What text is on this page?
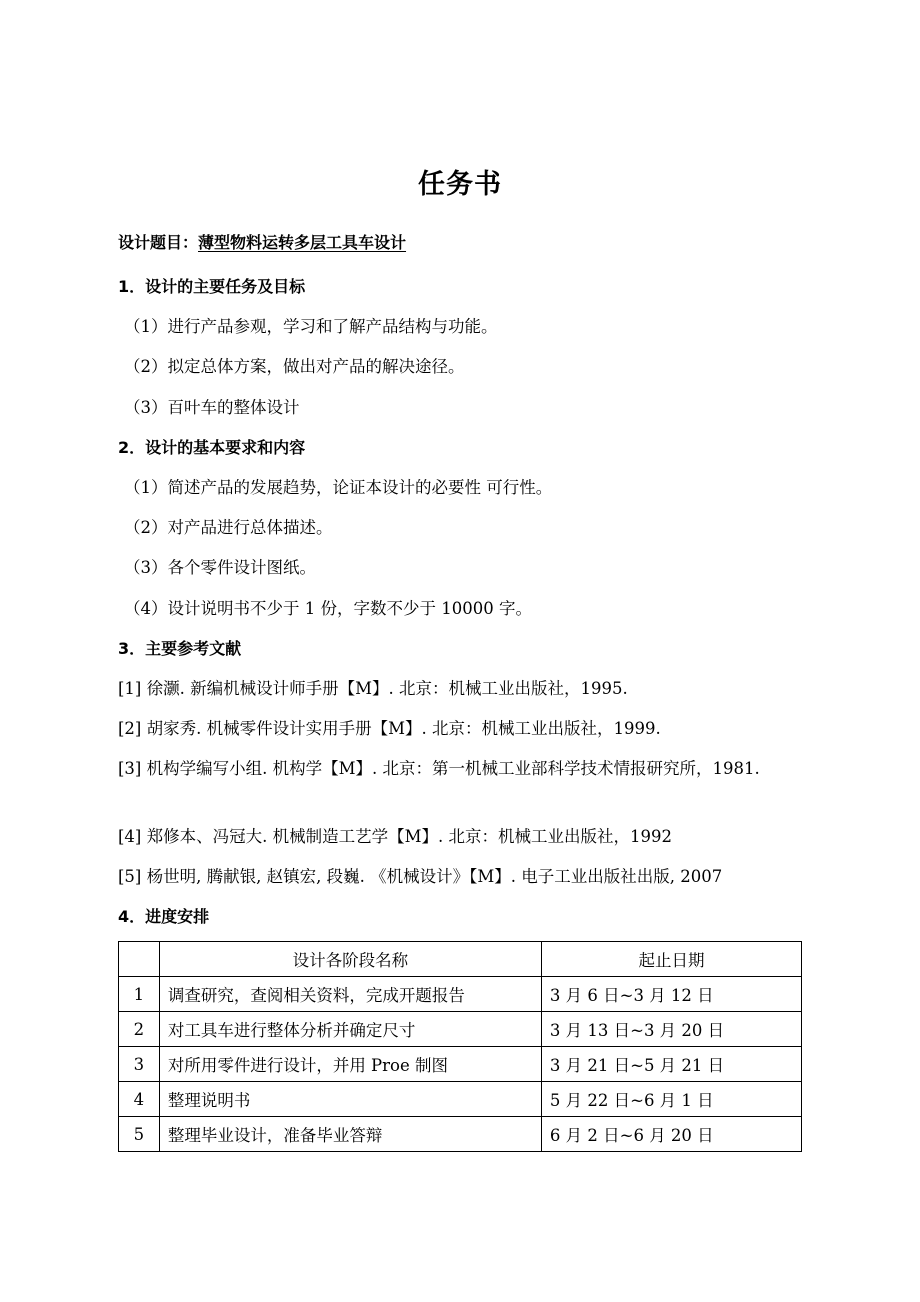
任务书
设计题目：薄型物料运转多层工具车设计
1．设计的主要任务及目标
（1）进行产品参观，学习和了解产品结构与功能。
（2）拟定总体方案，做出对产品的解决途径。
（3）百叶车的整体设计
2．设计的基本要求和内容
（1）简述产品的发展趋势，论证本设计的必要性 可行性。
（2）对产品进行总体描述。
（3）各个零件设计图纸。
（4）设计说明书不少于 1 份，字数不少于 10000 字。
3．主要参考文献
[1] 徐灏. 新编机械设计师手册【M】. 北京：机械工业出版社，1995.
[2] 胡家秀. 机械零件设计实用手册【M】. 北京：机械工业出版社，1999.
[3] 机构学编写小组. 机构学【M】. 北京：第一机械工业部科学技术情报研究所，1981.
[4] 郑修本、冯冠大. 机械制造工艺学【M】. 北京：机械工业出版社，1992
[5] 杨世明, 腾献银, 赵镇宏, 段巍. 《机械设计》【M】. 电子工业出版社出版, 2007
4．进度安排
	设计各阶段名称	起止日期
1	调查研究，查阅相关资料，完成开题报告	3 月 6 日~3 月 12 日
2	对工具车进行整体分析并确定尺寸	3 月 13 日~3 月 20 日
3	对所用零件进行设计，并用 Proe 制图	3 月 21 日~5 月 21 日
4	整理说明书	5 月 22 日~6 月 1 日
5	整理毕业设计，准备毕业答辩	6 月 2 日~6 月 20 日
